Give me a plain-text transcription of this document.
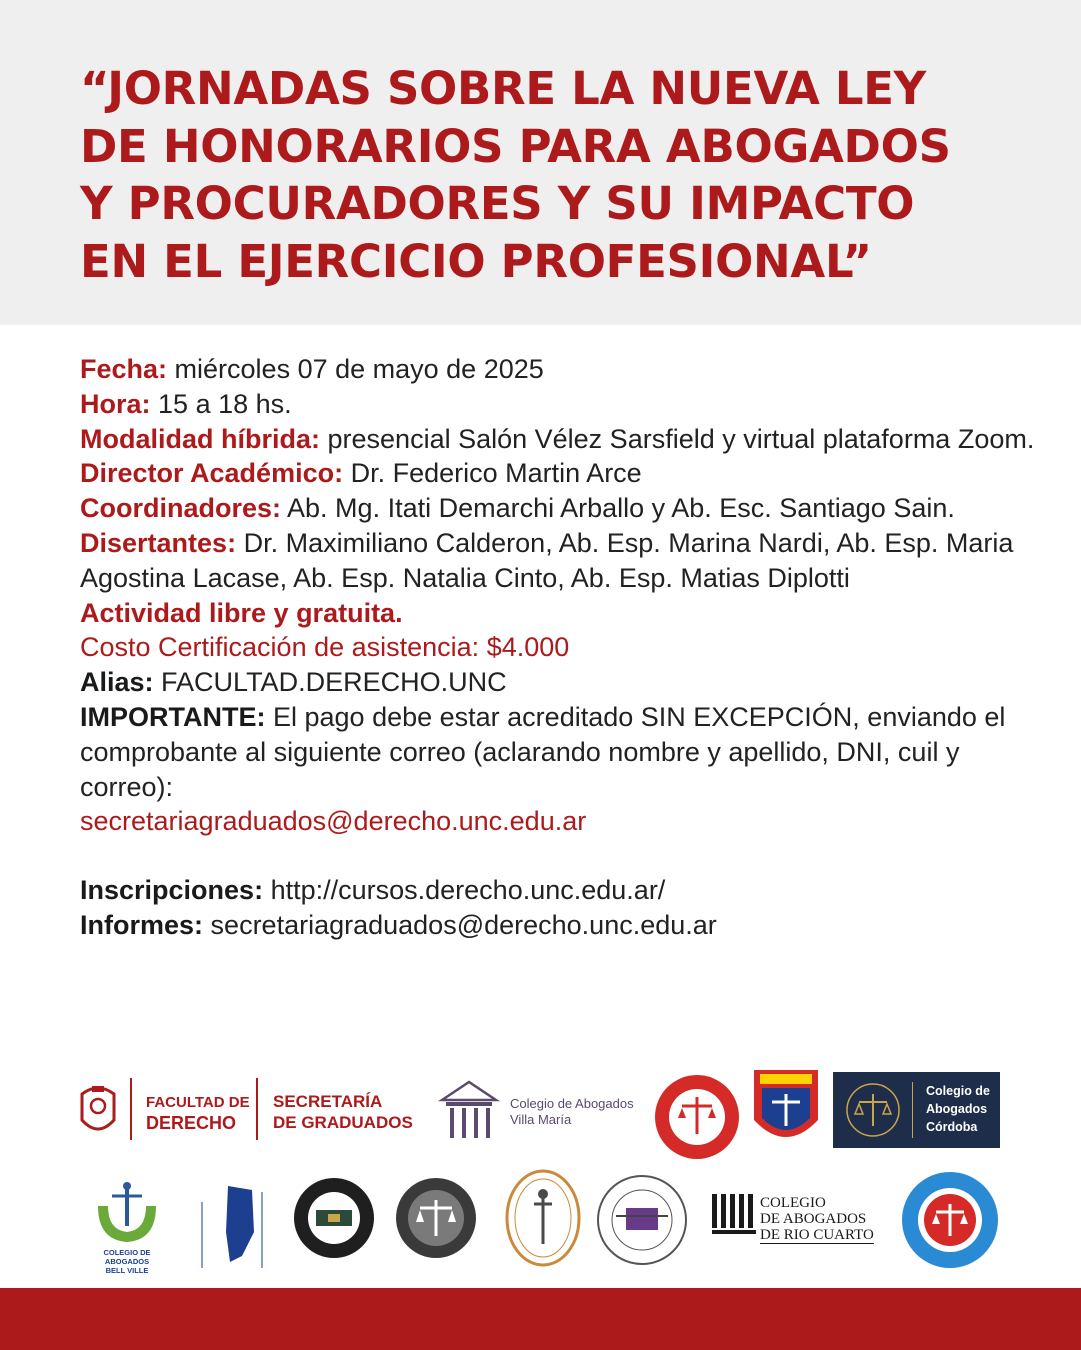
“JORNADAS SOBRE LA NUEVA LEY
DE HONORARIOS PARA ABOGADOS
Y PROCURADORES Y SU IMPACTO
EN EL EJERCICIO PROFESIONAL”

Fecha: miércoles 07 de mayo de 2025

Hora: 15 a 18 hs.

Modalidad híbrida: presencial Salón Vélez Sarsfield y virtual plataforma Zoom.

Director Académico: Dr. Federico Martin Arce

Coordinadores: Ab. Mg. Itati Demarchi Arballo y Ab. Esc. Santiago Sain.

Disertantes: Dr. Maximiliano Calderon, Ab. Esp. Marina Nardi, Ab. Esp. Maria Agostina Lacase, Ab. Esp. Natalia Cinto, Ab. Esp. Matias Diplotti

Actividad libre y gratuita.

Costo Certificación de asistencia: $4.000

Alias: FACULTAD.DERECHO.UNC

IMPORTANTE: El pago debe estar acreditado SIN EXCEPCIÓN, enviando el comprobante al siguiente correo (aclarando nombre y apellido, DNI, cuil y correo):

secretariagraduados@derecho.unc.edu.ar

Inscripciones: http://cursos.derecho.unc.edu.ar/

Informes: secretariagraduados@derecho.unc.edu.ar

FACULTAD DE
DERECHO
SECRETARÍA
DE GRADUADOS
Colegio de Abogados
Villa María
Colegio de
Abogados
Córdoba
COLEGIO DE ABOGADOS
BELL VILLE
COLEGIO
DE ABOGADOS
DE RIO CUARTO
